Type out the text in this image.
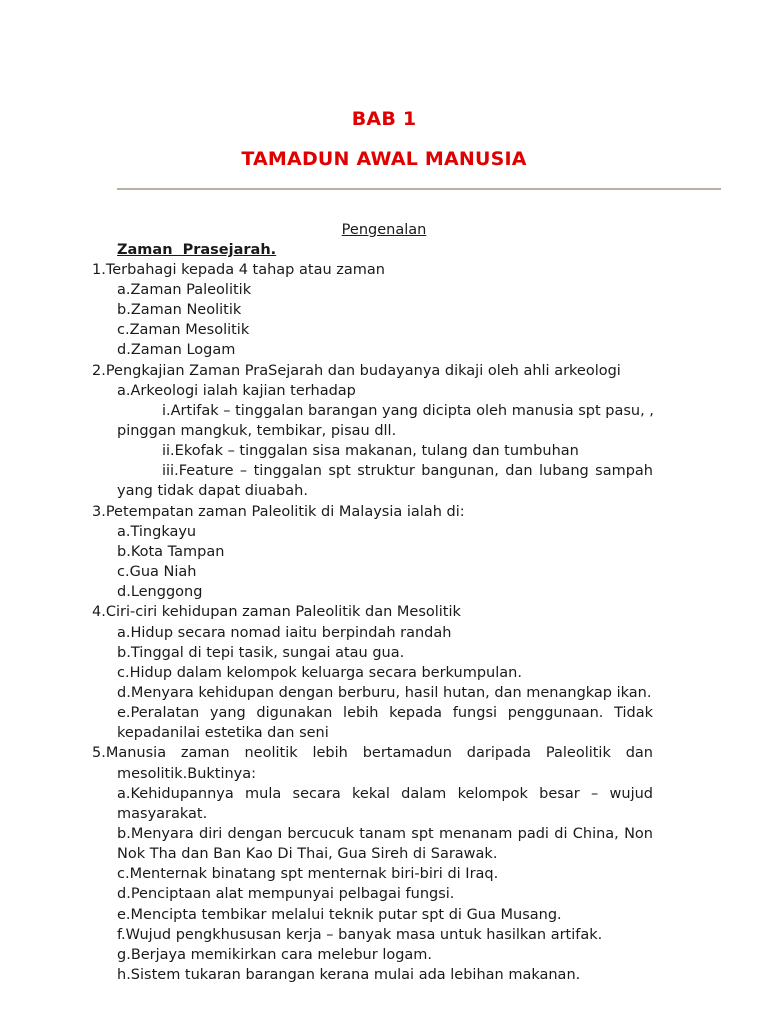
BAB 1
TAMADUN AWAL MANUSIA
Pengenalan
Zaman  Prasejarah.
1.Terbahagi kepada 4 tahap atau zaman
a.Zaman Paleolitik
b.Zaman Neolitik
c.Zaman Mesolitik
d.Zaman Logam
2.Pengkajian Zaman PraSejarah dan budayanya dikaji oleh ahli arkeologi
a.Arkeologi ialah kajian terhadap
i.Artifak – tinggalan barangan yang dicipta oleh manusia spt pasu, ,
pinggan mangkuk, tembikar, pisau dll.
ii.Ekofak – tinggalan sisa makanan, tulang dan tumbuhan
iii.Feature – tinggalan spt struktur bangunan, dan lubang sampah
yang tidak dapat diuabah.
3.Petempatan zaman Paleolitik di Malaysia ialah di:
a.Tingkayu
b.Kota Tampan
c.Gua Niah
d.Lenggong
4.Ciri-ciri kehidupan zaman Paleolitik dan Mesolitik
a.Hidup secara nomad iaitu berpindah randah
b.Tinggal di tepi tasik, sungai atau gua.
c.Hidup dalam kelompok keluarga secara berkumpulan.
d.Menyara kehidupan dengan berburu, hasil hutan, dan menangkap ikan.
e.Peralatan yang digunakan lebih kepada fungsi penggunaan. Tidak
kepadanilai estetika dan seni
5.Manusia zaman neolitik lebih bertamadun daripada Paleolitik dan
mesolitik.Buktinya:
a.Kehidupannya mula secara kekal dalam kelompok besar – wujud
masyarakat.
b.Menyara diri dengan bercucuk tanam spt menanam padi di China, Non
Nok Tha dan Ban Kao Di Thai, Gua Sireh di Sarawak.
c.Menternak binatang spt menternak biri-biri di Iraq.
d.Penciptaan alat mempunyai pelbagai fungsi.
e.Mencipta tembikar melalui teknik putar spt di Gua Musang.
f.Wujud pengkhususan kerja – banyak masa untuk hasilkan artifak.
g.Berjaya memikirkan cara melebur logam.
h.Sistem tukaran barangan kerana mulai ada lebihan makanan.
